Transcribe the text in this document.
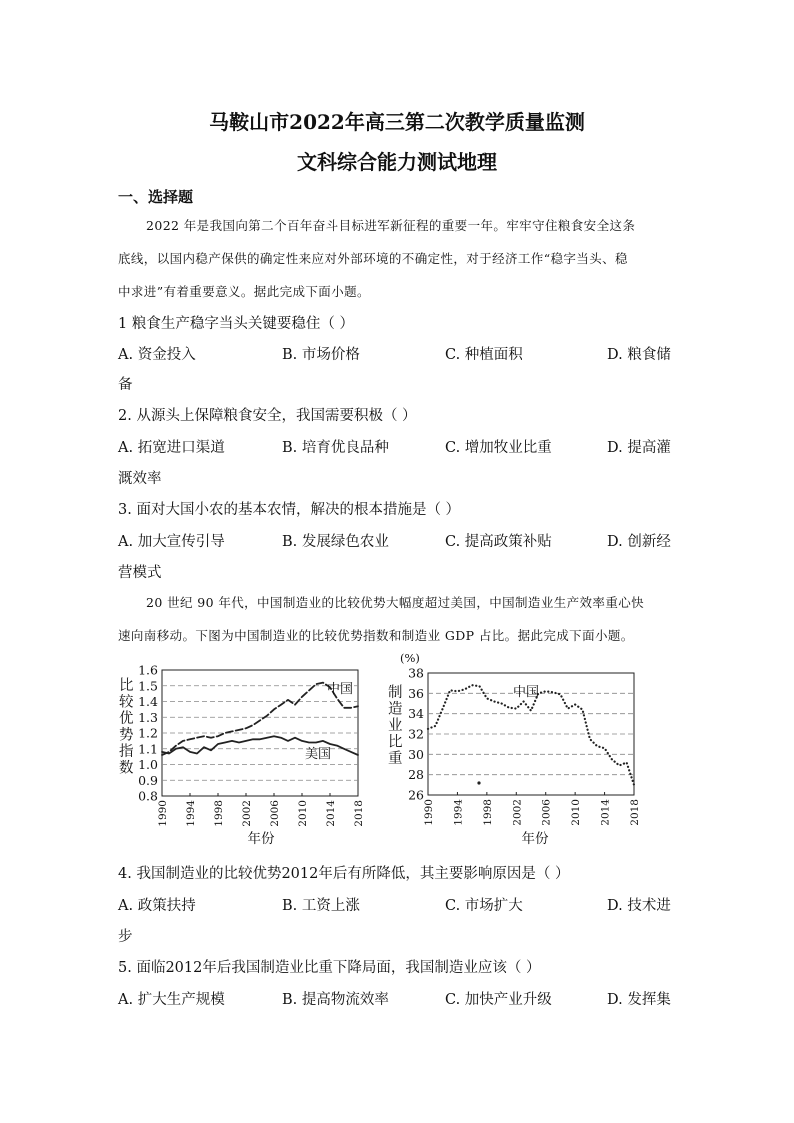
马鞍山市2022年高三第二次教学质量监测
文科综合能力测试地理
一、选择题
2022 年是我国向第二个百年奋斗目标进军新征程的重要一年。牢牢守住粮食安全这条
底线，以国内稳产保供的确定性来应对外部环境的不确定性，对于经济工作“稳字当头、稳
中求进”有着重要意义。据此完成下面小题。
1 粮食生产稳字当头关键要稳住（ ）
A. 资金投入	B. 市场价格	C. 种植面积	D. 粮食储
备
2. 从源头上保障粮食安全，我国需要积极（ ）
A. 拓宽进口渠道	B. 培育优良品种	C. 增加牧业比重	D. 提高灌
溉效率
3. 面对大国小农的基本农情，解决的根本措施是（ ）
A. 加大宣传引导	B. 发展绿色农业	C. 提高政策补贴	D. 创新经
营模式
20 世纪 90 年代，中国制造业的比较优势大幅度超过美国，中国制造业生产效率重心快
速向南移动。下图为中国制造业的比较优势指数和制造业 GDP 占比。据此完成下面小题。
0.8
0.9
1.0
1.1
1.2
1.3
1.4
1.5
1.6
1990 1994 1998 2002 2006 2010 2014 2018
比较优势指数
年份
中国
美国
26
28
30
32
34
36
38
1990 1994 1998 2002 2006 2010 2014 2018
(%)
制造业比重
年份
中国
4. 我国制造业的比较优势2012年后有所降低，其主要影响原因是（ ）
A. 政策扶持	B. 工资上涨	C. 市场扩大	D. 技术进
步
5. 面临2012年后我国制造业比重下降局面，我国制造业应该（ ）
A. 扩大生产规模	B. 提高物流效率	C. 加快产业升级	D. 发挥集
